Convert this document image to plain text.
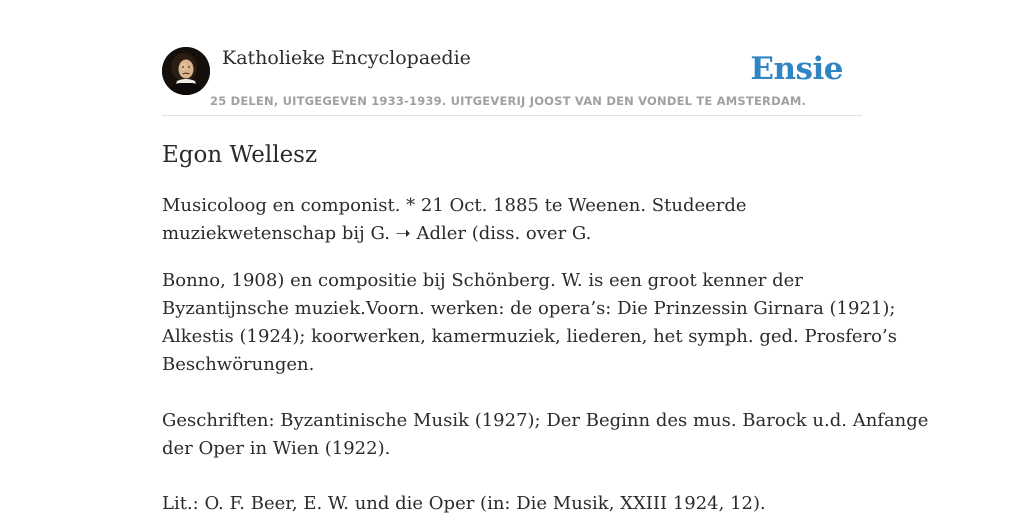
Katholieke Encyclopaedie	Ensie
25 DELEN, UITGEGEVEN 1933-1939. UITGEVERIJ JOOST VAN DEN VONDEL TE AMSTERDAM.
Egon Wellesz

Musicoloog en componist. * 21 Oct. 1885 te Weenen. Studeerde
muziekwetenschap bij G. ➝ Adler (diss. over G.

Bonno, 1908) en compositie bij Schönberg. W. is een groot kenner der
Byzantijnsche muziek.Voorn. werken: de opera’s: Die Prinzessin Girnara (1921);
Alkestis (1924); koorwerken, kamermuziek, liederen, het symph. ged. Prosfero’s
Beschwörungen.

Geschriften: Byzantinische Musik (1927); Der Beginn des mus. Barock u.d. Anfange
der Oper in Wien (1922).

Lit.: O. F. Beer, E. W. und die Oper (in: Die Musik, XXIII 1924, 12).
